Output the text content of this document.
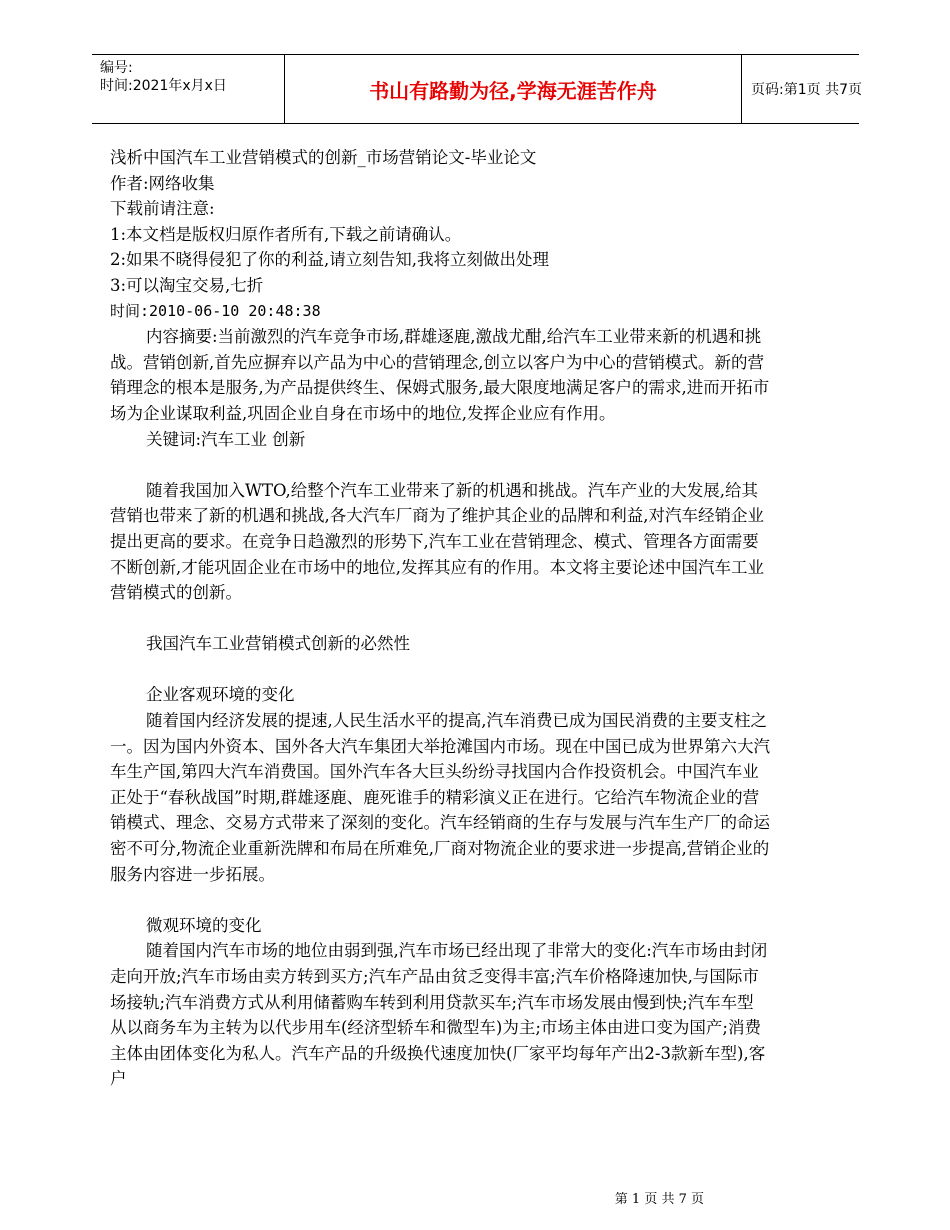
编号:
时间:2021年x月x日	书山有路勤为径,学海无涯苦作舟	页码:第1页 共7页

浅析中国汽车工业营销模式的创新_市场营销论文-毕业论文

作者:网络收集

下载前请注意:

1:本文档是版权归原作者所有,下载之前请确认。

2:如果不晓得侵犯了你的利益,请立刻告知,我将立刻做出处理

3:可以淘宝交易,七折

时间:2010-06-10 20:48:38

内容摘要:当前激烈的汽车竞争市场,群雄逐鹿,激战尤酣,给汽车工业带来新的机遇和挑战。营销创新,首先应摒弃以产品为中心的营销理念,创立以客户为中心的营销模式。新的营销理念的根本是服务,为产品提供终生、保姆式服务,最大限度地满足客户的需求,进而开拓市场为企业谋取利益,巩固企业自身在市场中的地位,发挥企业应有作用。

关键词:汽车工业 创新

随着我国加入WTO,给整个汽车工业带来了新的机遇和挑战。汽车产业的大发展,给其营销也带来了新的机遇和挑战,各大汽车厂商为了维护其企业的品牌和利益,对汽车经销企业提出更高的要求。在竞争日趋激烈的形势下,汽车工业在营销理念、模式、管理各方面需要不断创新,才能巩固企业在市场中的地位,发挥其应有的作用。本文将主要论述中国汽车工业营销模式的创新。

我国汽车工业营销模式创新的必然性

企业客观环境的变化

随着国内经济发展的提速,人民生活水平的提高,汽车消费已成为国民消费的主要支柱之一。因为国内外资本、国外各大汽车集团大举抢滩国内市场。现在中国已成为世界第六大汽车生产国,第四大汽车消费国。国外汽车各大巨头纷纷寻找国内合作投资机会。中国汽车业正处于“春秋战国”时期,群雄逐鹿、鹿死谁手的精彩演义正在进行。它给汽车物流企业的营销模式、理念、交易方式带来了深刻的变化。汽车经销商的生存与发展与汽车生产厂的命运密不可分,物流企业重新洗牌和布局在所难免,厂商对物流企业的要求进一步提高,营销企业的服务内容进一步拓展。

微观环境的变化

随着国内汽车市场的地位由弱到强,汽车市场已经出现了非常大的变化:汽车市场由封闭走向开放;汽车市场由卖方转到买方;汽车产品由贫乏变得丰富;汽车价格降速加快,与国际市场接轨;汽车消费方式从利用储蓄购车转到利用贷款买车;汽车市场发展由慢到快;汽车车型从以商务车为主转为以代步用车(经济型轿车和微型车)为主;市场主体由进口变为国产;消费主体由团体变化为私人。汽车产品的升级换代速度加快(厂家平均每年产出2-3款新车型),客户

第 1 页 共 7 页
